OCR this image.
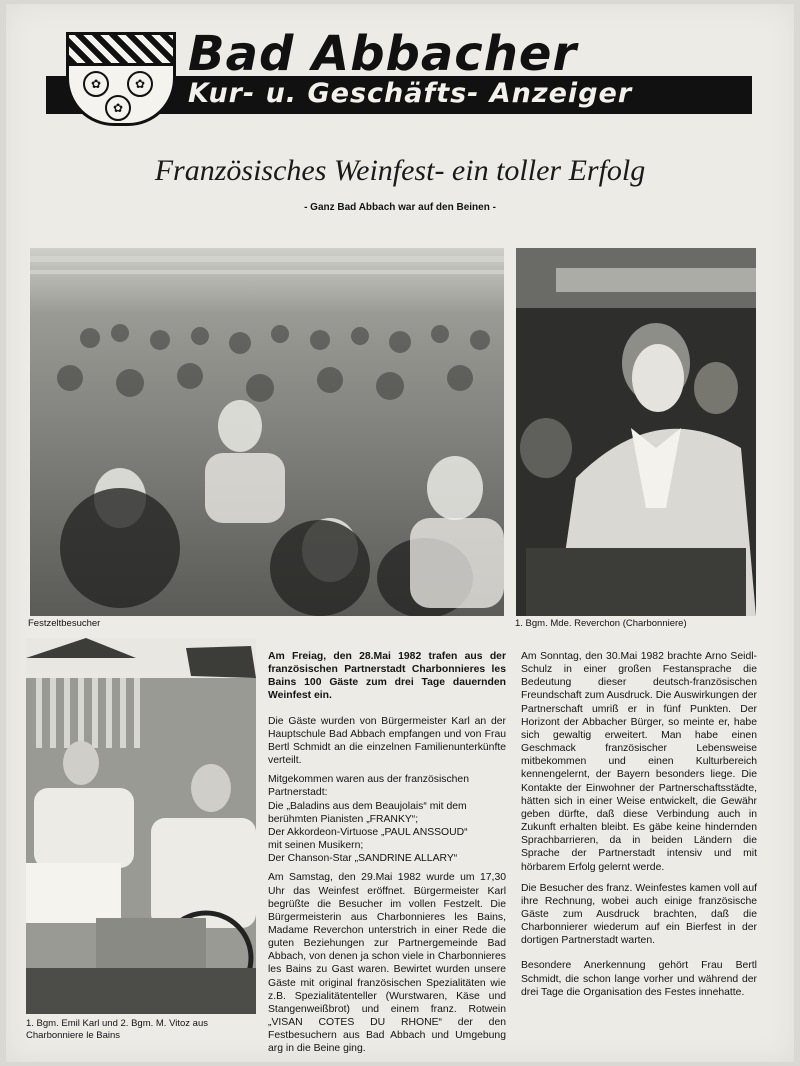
✿	✿
✿
Bad Abbacher
Kur- u. Geschäfts- Anzeiger
Französisches Weinfest- ein toller Erfolg
- Ganz Bad Abbach war auf den Beinen -
Festzeltbesucher	1. Bgm. Mde. Reverchon (Charbonniere)
1. Bgm. Emil Karl und 2. Bgm. M. Vitoz aus Charbonniere le Bains

Am Freiag, den 28.Mai 1982 trafen aus der französischen Partnerstadt Charbonnieres les Bains 100 Gäste zum drei Tage dauernden Weinfest ein.

Die Gäste wurden von Bürgermeister Karl an der Hauptschule Bad Abbach empfangen und von Frau Bertl Schmidt an die einzelnen Familienunterkünfte verteilt.

Mitgekommen waren aus der französischen
Partnerstadt:
Die „Baladins aus dem Beaujolais“ mit dem
berühmten Pianisten „FRANKY“;
Der Akkordeon-Virtuose „PAUL ANSSOUD“
mit seinen Musikern;
Der Chanson-Star „SANDRINE ALLARY“

Am Samstag, den 29.Mai 1982 wurde um 17,30 Uhr das Weinfest eröffnet. Bürgermeister Karl begrüßte die Besucher im vollen Festzelt. Die Bürgermeisterin aus Charbonnieres les Bains, Madame Reverchon unterstrich in einer Rede die guten Beziehungen zur Partnergemeinde Bad Abbach, von denen ja schon viele in Charbonnieres les Bains zu Gast waren. Bewirtet wurden unsere Gäste mit original französischen Spezialitäten wie z.B. Spezialitätenteller (Wurstwaren, Käse und Stangenweißbrot) und einem franz. Rotwein „VISAN COTES DU RHONE“ der den Festbesuchern aus Bad Abbach und Umgebung arg in die Beine ging.

Am Sonntag, den 30.Mai 1982 brachte Arno Seidl-Schulz in einer großen Festansprache die Bedeutung dieser deutsch-französischen Freundschaft zum Ausdruck. Die Auswirkungen der Partnerschaft umriß er in fünf Punkten. Der Horizont der Abbacher Bürger, so meinte er, habe sich gewaltig erweitert. Man habe einen Geschmack französischer Lebensweise mitbekommen und einen Kulturbereich kennengelernt, der Bayern besonders liege. Die Kontakte der Einwohner der Partnerschaftsstädte, hätten sich in einer Weise entwickelt, die Gewähr geben dürfte, daß diese Verbindung auch in Zukunft erhalten bleibt. Es gäbe keine hindernden Sprachbarrieren, da in beiden Ländern die Sprache der Partnerstadt intensiv und mit hörbarem Erfolg gelernt werde.

Die Besucher des franz. Weinfestes kamen voll auf ihre Rechnung, wobei auch einige französische Gäste zum Ausdruck brachten, daß die Charbonnierer wiederum auf ein Bierfest in der dortigen Partnerstadt warten.

Besondere Anerkennung gehört Frau Bertl Schmidt, die schon lange vorher und während der drei Tage die Organisation des Festes innehatte.
